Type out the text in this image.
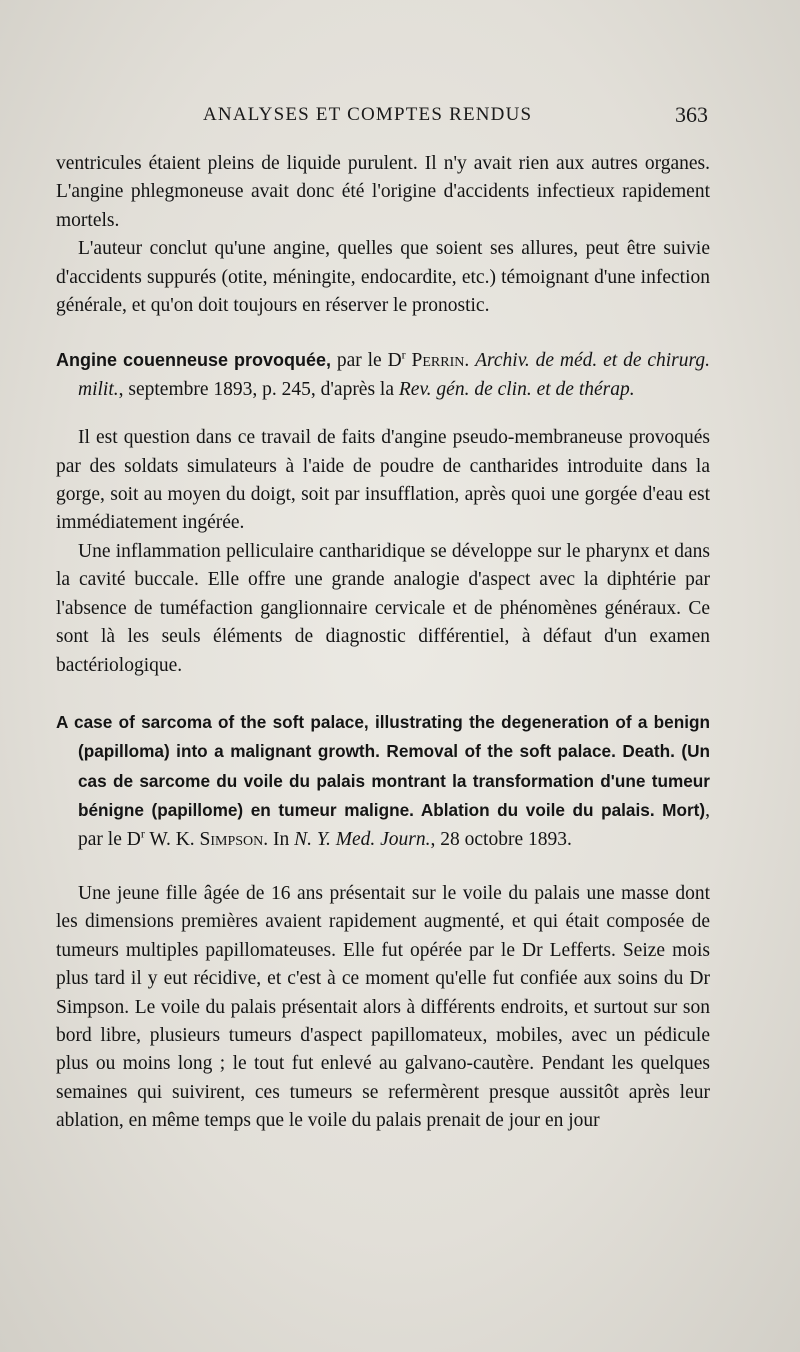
ANALYSES ET COMPTES RENDUS	363

ventricules étaient pleins de liquide purulent. Il n'y avait rien aux autres organes. L'angine phlegmoneuse avait donc été l'origine d'accidents infectieux rapidement mortels.

L'auteur conclut qu'une angine, quelles que soient ses allures, peut être suivie d'accidents suppurés (otite, méningite, endocardite, etc.) témoignant d'une infection générale, et qu'on doit toujours en réserver le pronostic.

Angine couenneuse provoquée, par le $D^r$ Perrin. Archiv. de méd. et de chirurg. milit., septembre 1893, p. 245, d'après la Rev. gén. de clin. et de thérap.

Il est question dans ce travail de faits d'angine pseudo-membraneuse provoqués par des soldats simulateurs à l'aide de poudre de cantharides introduite dans la gorge, soit au moyen du doigt, soit par insufflation, après quoi une gorgée d'eau est immédiatement ingérée.

Une inflammation pelliculaire cantharidique se développe sur le pharynx et dans la cavité buccale. Elle offre une grande analogie d'aspect avec la diphtérie par l'absence de tuméfaction ganglionnaire cervicale et de phénomènes généraux. Ce sont là les seuls éléments de diagnostic différentiel, à défaut d'un examen bactériologique.

A case of sarcoma of the soft palace, illustrating the degeneration of a benign (papilloma) into a malignant growth. Removal of the soft palace. Death. (Un cas de sarcome du voile du palais montrant la transformation d'une tumeur bénigne (papillome) en tumeur maligne. Ablation du voile du palais. Mort), par le $D^r$ W. K. Simpson. In N. Y. Med. Journ., 28 octobre 1893.

Une jeune fille âgée de 16 ans présentait sur le voile du palais une masse dont les dimensions premières avaient rapidement augmenté, et qui était composée de tumeurs multiples papillomateuses. Elle fut opérée par le Dr Lefferts. Seize mois plus tard il y eut récidive, et c'est à ce moment qu'elle fut confiée aux soins du Dr Simpson. Le voile du palais présentait alors à différents endroits, et surtout sur son bord libre, plusieurs tumeurs d'aspect papillomateux, mobiles, avec un pédicule plus ou moins long ; le tout fut enlevé au galvano-cautère. Pendant les quelques semaines qui suivirent, ces tumeurs se refermèrent presque aussitôt après leur ablation, en même temps que le voile du palais prenait de jour en jour
